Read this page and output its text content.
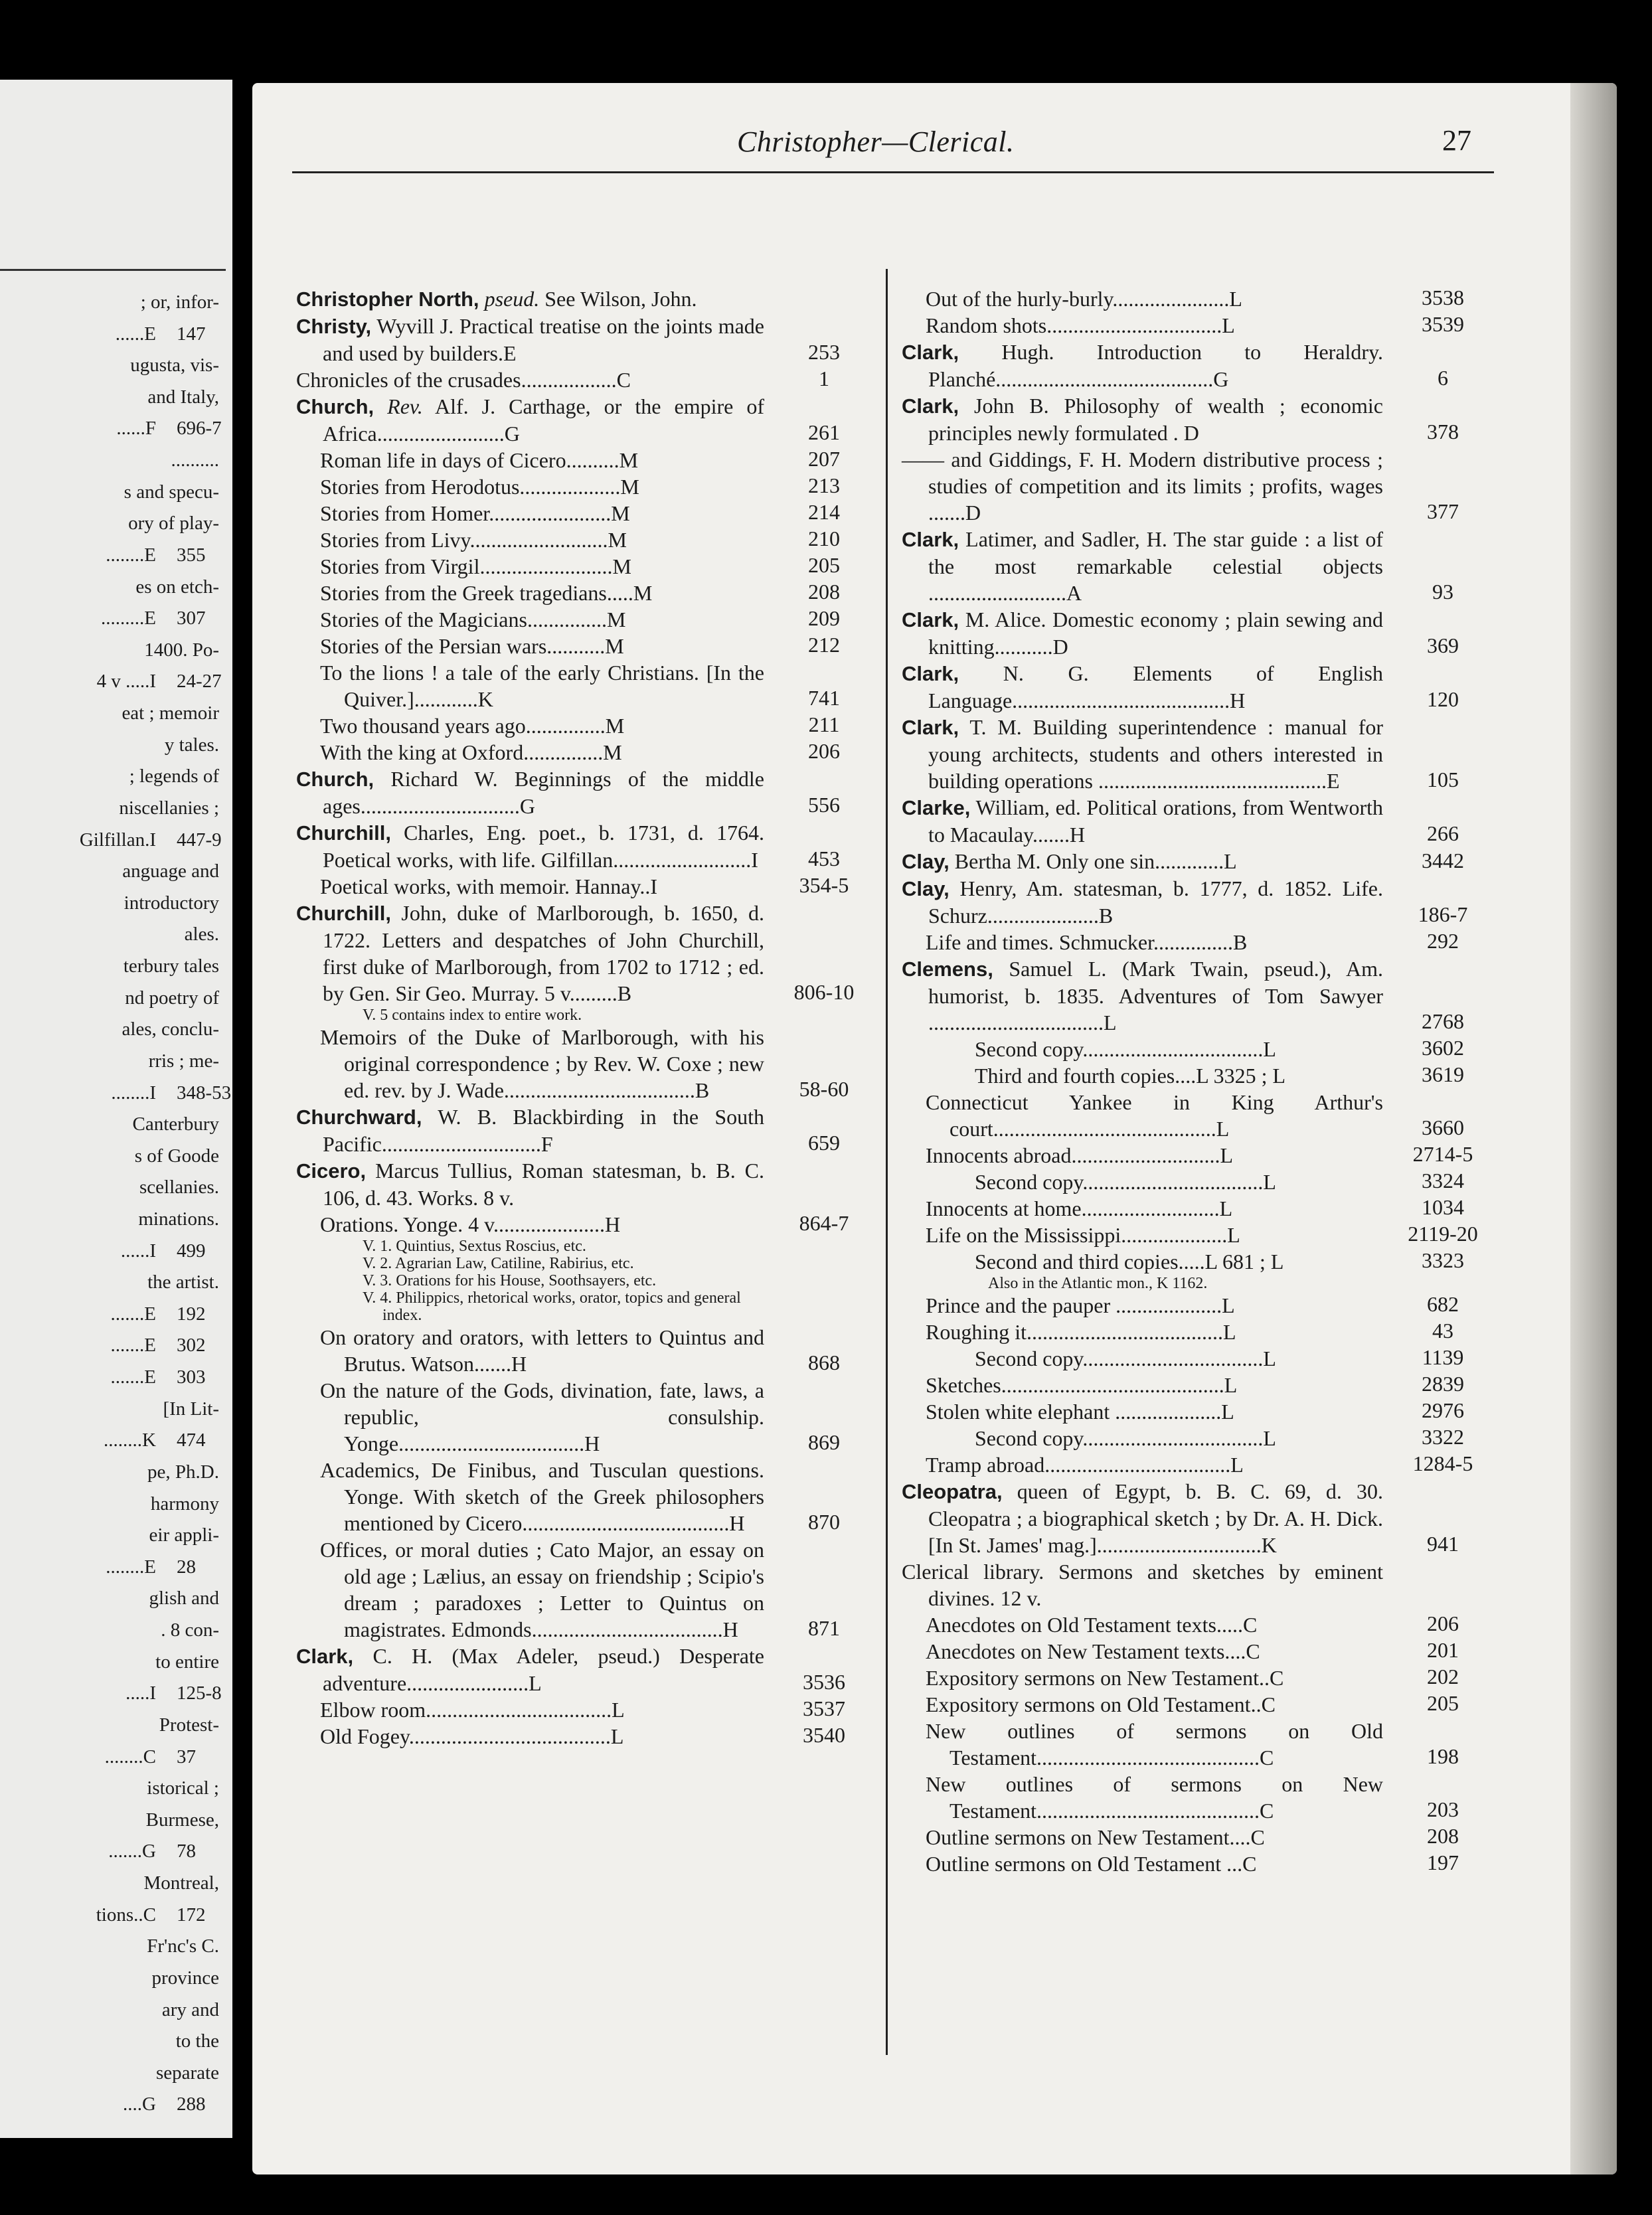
; or, infor-
......E 147
ugusta, vis-
and Italy,
......F 696-7
..........
s and specu-
ory of play-
........E 355
es on etch-
.........E 307
1400. Po-
4 v .....I 24-27
eat ; memoir
y tales.
; legends of
niscellanies ;
Gilfillan.I 447-9
anguage and
introductory
ales.
terbury tales
nd poetry of
ales, conclu-
rris ; me-
........I 348-53
Canterbury
s of Goode
scellanies.
minations.
......I 499
the artist.
.......E 192
.......E 302
.......E 303
[In Lit-
........K 474
pe, Ph.D.
harmony
eir appli-
........E 28
glish and
. 8 con-
to entire
.....I 125-8
Protest-
........C 37
istorical ;
Burmese,
.......G 78
Montreal,
tions..C 172
Fr'nc's C.
province
ary and
to the
separate
....G 288
Christopher—Clerical.	27
Christopher North, pseud. See Wilson, John.
Christy, Wyvill J. Practical treatise on the joints made and used by builders.E	253
Chronicles of the crusades..................C	1
Church, Rev. Alf. J. Carthage, or the empire of Africa........................G	261
Roman life in days of Cicero..........M	207
Stories from Herodotus...................M	213
Stories from Homer.......................M	214
Stories from Livy..........................M	210
Stories from Virgil.........................M	205
Stories from the Greek tragedians.....M	208
Stories of the Magicians...............M	209
Stories of the Persian wars...........M	212
To the lions ! a tale of the early Christians. [In the Quiver.]............K	741
Two thousand years ago...............M	211
With the king at Oxford...............M	206
Church, Richard W. Beginnings of the middle ages..............................G	556
Churchill, Charles, Eng. poet., b. 1731, d. 1764. Poetical works, with life. Gilfillan..........................I	453
Poetical works, with memoir. Hannay..I	354-5
Churchill, John, duke of Marlborough, b. 1650, d. 1722. Letters and despatches of John Churchill, first duke of Marlborough, from 1702 to 1712 ; ed. by Gen. Sir Geo. Murray. 5 v.........B	806-10
V. 5 contains index to entire work.
Memoirs of the Duke of Marlborough, with his original correspondence ; by Rev. W. Coxe ; new ed. rev. by J. Wade....................................B	58-60
Churchward, W. B. Blackbirding in the South Pacific..............................F	659
Cicero, Marcus Tullius, Roman statesman, b. B. C. 106, d. 43. Works. 8 v.
Orations. Yonge. 4 v.....................H	864-7
V. 1. Quintius, Sextus Roscius, etc.
V. 2. Agrarian Law, Catiline, Rabirius, etc.
V. 3. Orations for his House, Soothsayers, etc.
V. 4. Philippics, rhetorical works, orator, topics and general index.
On oratory and orators, with letters to Quintus and Brutus. Watson.......H	868
On the nature of the Gods, divination, fate, laws, a republic, consulship. Yonge...................................H	869
Academics, De Finibus, and Tusculan questions. Yonge. With sketch of the Greek philosophers mentioned by Cicero.......................................H	870
Offices, or moral duties ; Cato Major, an essay on old age ; Lælius, an essay on friendship ; Scipio's dream ; paradoxes ; Letter to Quintus on magistrates. Edmonds....................................H	871
Clark, C. H. (Max Adeler, pseud.) Desperate adventure.......................L	3536
Elbow room...................................L	3537
Old Fogey......................................L	3540
Out of the hurly-burly......................L	3538
Random shots.................................L	3539
Clark, Hugh. Introduction to Heraldry. Planché.........................................G	6
Clark, John B. Philosophy of wealth ; economic principles newly formulated . D	378
—— and Giddings, F. H. Modern distributive process ; studies of competition and its limits ; profits, wages .......D	377
Clark, Latimer, and Sadler, H. The star guide : a list of the most remarkable celestial objects ..........................A	93
Clark, M. Alice. Domestic economy ; plain sewing and knitting...........D	369
Clark, N. G. Elements of English Language.........................................H	120
Clark, T. M. Building superintendence : manual for young architects, students and others interested in building operations ...........................................E	105
Clarke, William, ed. Political orations, from Wentworth to Macaulay.......H	266
Clay, Bertha M. Only one sin.............L	3442
Clay, Henry, Am. statesman, b. 1777, d. 1852. Life. Schurz.....................B	186-7
Life and times. Schmucker...............B	292
Clemens, Samuel L. (Mark Twain, pseud.), Am. humorist, b. 1835. Adventures of Tom Sawyer .................................L	2768
Second copy..................................L	3602
Third and fourth copies....L 3325 ; L	3619
Connecticut Yankee in King Arthur's court..........................................L	3660
Innocents abroad............................L	2714-5
Second copy..................................L	3324
Innocents at home..........................L	1034
Life on the Mississippi....................L	2119-20
Second and third copies.....L 681 ; L	3323
Also in the Atlantic mon., K 1162.
Prince and the pauper ....................L	682
Roughing it.....................................L	43
Second copy..................................L	1139
Sketches..........................................L	2839
Stolen white elephant ....................L	2976
Second copy..................................L	3322
Tramp abroad...................................L	1284-5
Cleopatra, queen of Egypt, b. B. C. 69, d. 30. Cleopatra ; a biographical sketch ; by Dr. A. H. Dick. [In St. James' mag.]...............................K	941
Clerical library. Sermons and sketches by eminent divines. 12 v.
Anecdotes on Old Testament texts.....C	206
Anecdotes on New Testament texts....C	201
Expository sermons on New Testament..C	202
Expository sermons on Old Testament..C	205
New outlines of sermons on Old Testament..........................................C	198
New outlines of sermons on New Testament..........................................C	203
Outline sermons on New Testament....C	208
Outline sermons on Old Testament ...C	197
